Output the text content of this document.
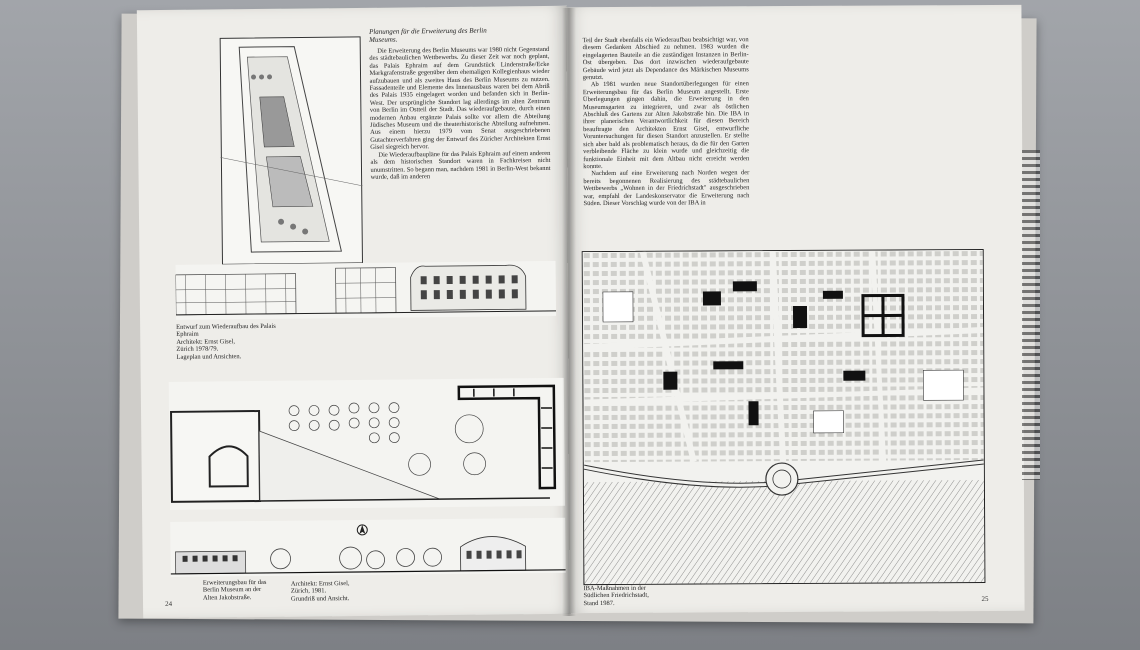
Planungen für die Erweiterung des Berlin Museums.

Die Erweiterung des Berlin Museums war 1980 nicht Gegenstand des städtebaulichen Wettbewerbs. Zu dieser Zeit war noch geplant, das Palais Ephraim auf dem Grundstück Lindenstraße/Ecke Markgrafenstraße gegenüber dem ehemaligen Kollegienhaus wieder aufzubauen und als zweites Haus des Berlin Museums zu nutzen. Fassadenteile und Elemente des Innenausbaus waren bei dem Abriß des Palais 1935 eingelagert worden und befanden sich in Berlin-West. Der ursprüngliche Standort lag allerdings im alten Zentrum von Berlin im Ostteil der Stadt. Das wiederaufgebaute, durch einen modernen Anbau ergänzte Palais sollte vor allem die Abteilung Jüdisches Museum und die theaterhistorische Abteilung aufnehmen. Aus einem hierzu 1979 vom Senat ausgeschriebenen Gutachterverfahren ging der Entwurf des Züricher Architekten Ernst Gisel siegreich hervor.

Die Wiederaufbaupläne für das Palais Ephraim auf einem anderen als dem historischen Standort waren in Fachkreisen nicht unumstritten. So begann man, nachdem 1981 in Berlin-West bekannt wurde, daß im anderen

Entwurf zum Wiederaufbau des Palais Ephraim
Architekt: Ernst Gisel,
Zürich 1978/79.
Lageplan und Ansichten.
Erweiterungsbau für das
Berlin Museum an der
Alten Jakobstraße.
Architekt: Ernst Gisel,
Zürich, 1981.
Grundriß und Ansicht.
24

Teil der Stadt ebenfalls ein Wiederaufbau beabsichtigt war, von diesem Gedanken Abschied zu nehmen. 1983 wurden die eingelagerten Bauteile an die zuständigen Instanzen in Berlin-Ost übergeben. Das dort inzwischen wiederaufgebaute Gebäude wird jetzt als Dependance des Märkischen Museums genutzt.

Ab 1981 wurden neue Standortüberlegungen für einen Erweiterungsbau für das Berlin Museum angestellt. Erste Überlegungen gingen dahin, die Erweiterung in den Museumsgarten zu integrieren, und zwar als östlichen Abschluß des Gartens zur Alten Jakobstraße hin. Die IBA in ihrer planerischen Verantwortlichkeit für diesen Bereich beauftragte den Architekten Ernst Gisel, entwurfliche Voruntersuchungen für diesen Standort anzustellen. Er stellte sich aber bald als problematisch heraus, da die für den Garten verbleibende Fläche zu klein wurde und gleichzeitig die funktionale Einheit mit dem Altbau nicht erreicht werden konnte.

Nachdem auf eine Erweiterung nach Norden wegen der bereits begonnenen Realisierung des städtebaulichen Wettbewerbs „Wohnen in der Friedrichstadt" ausgeschrieben war, empfahl der Landeskonservator die Erweiterung nach Süden. Dieser Vorschlag wurde von der IBA in

IBA-Maßnahmen in der
Südlichen Friedrichstadt,
Stand 1987.
25
